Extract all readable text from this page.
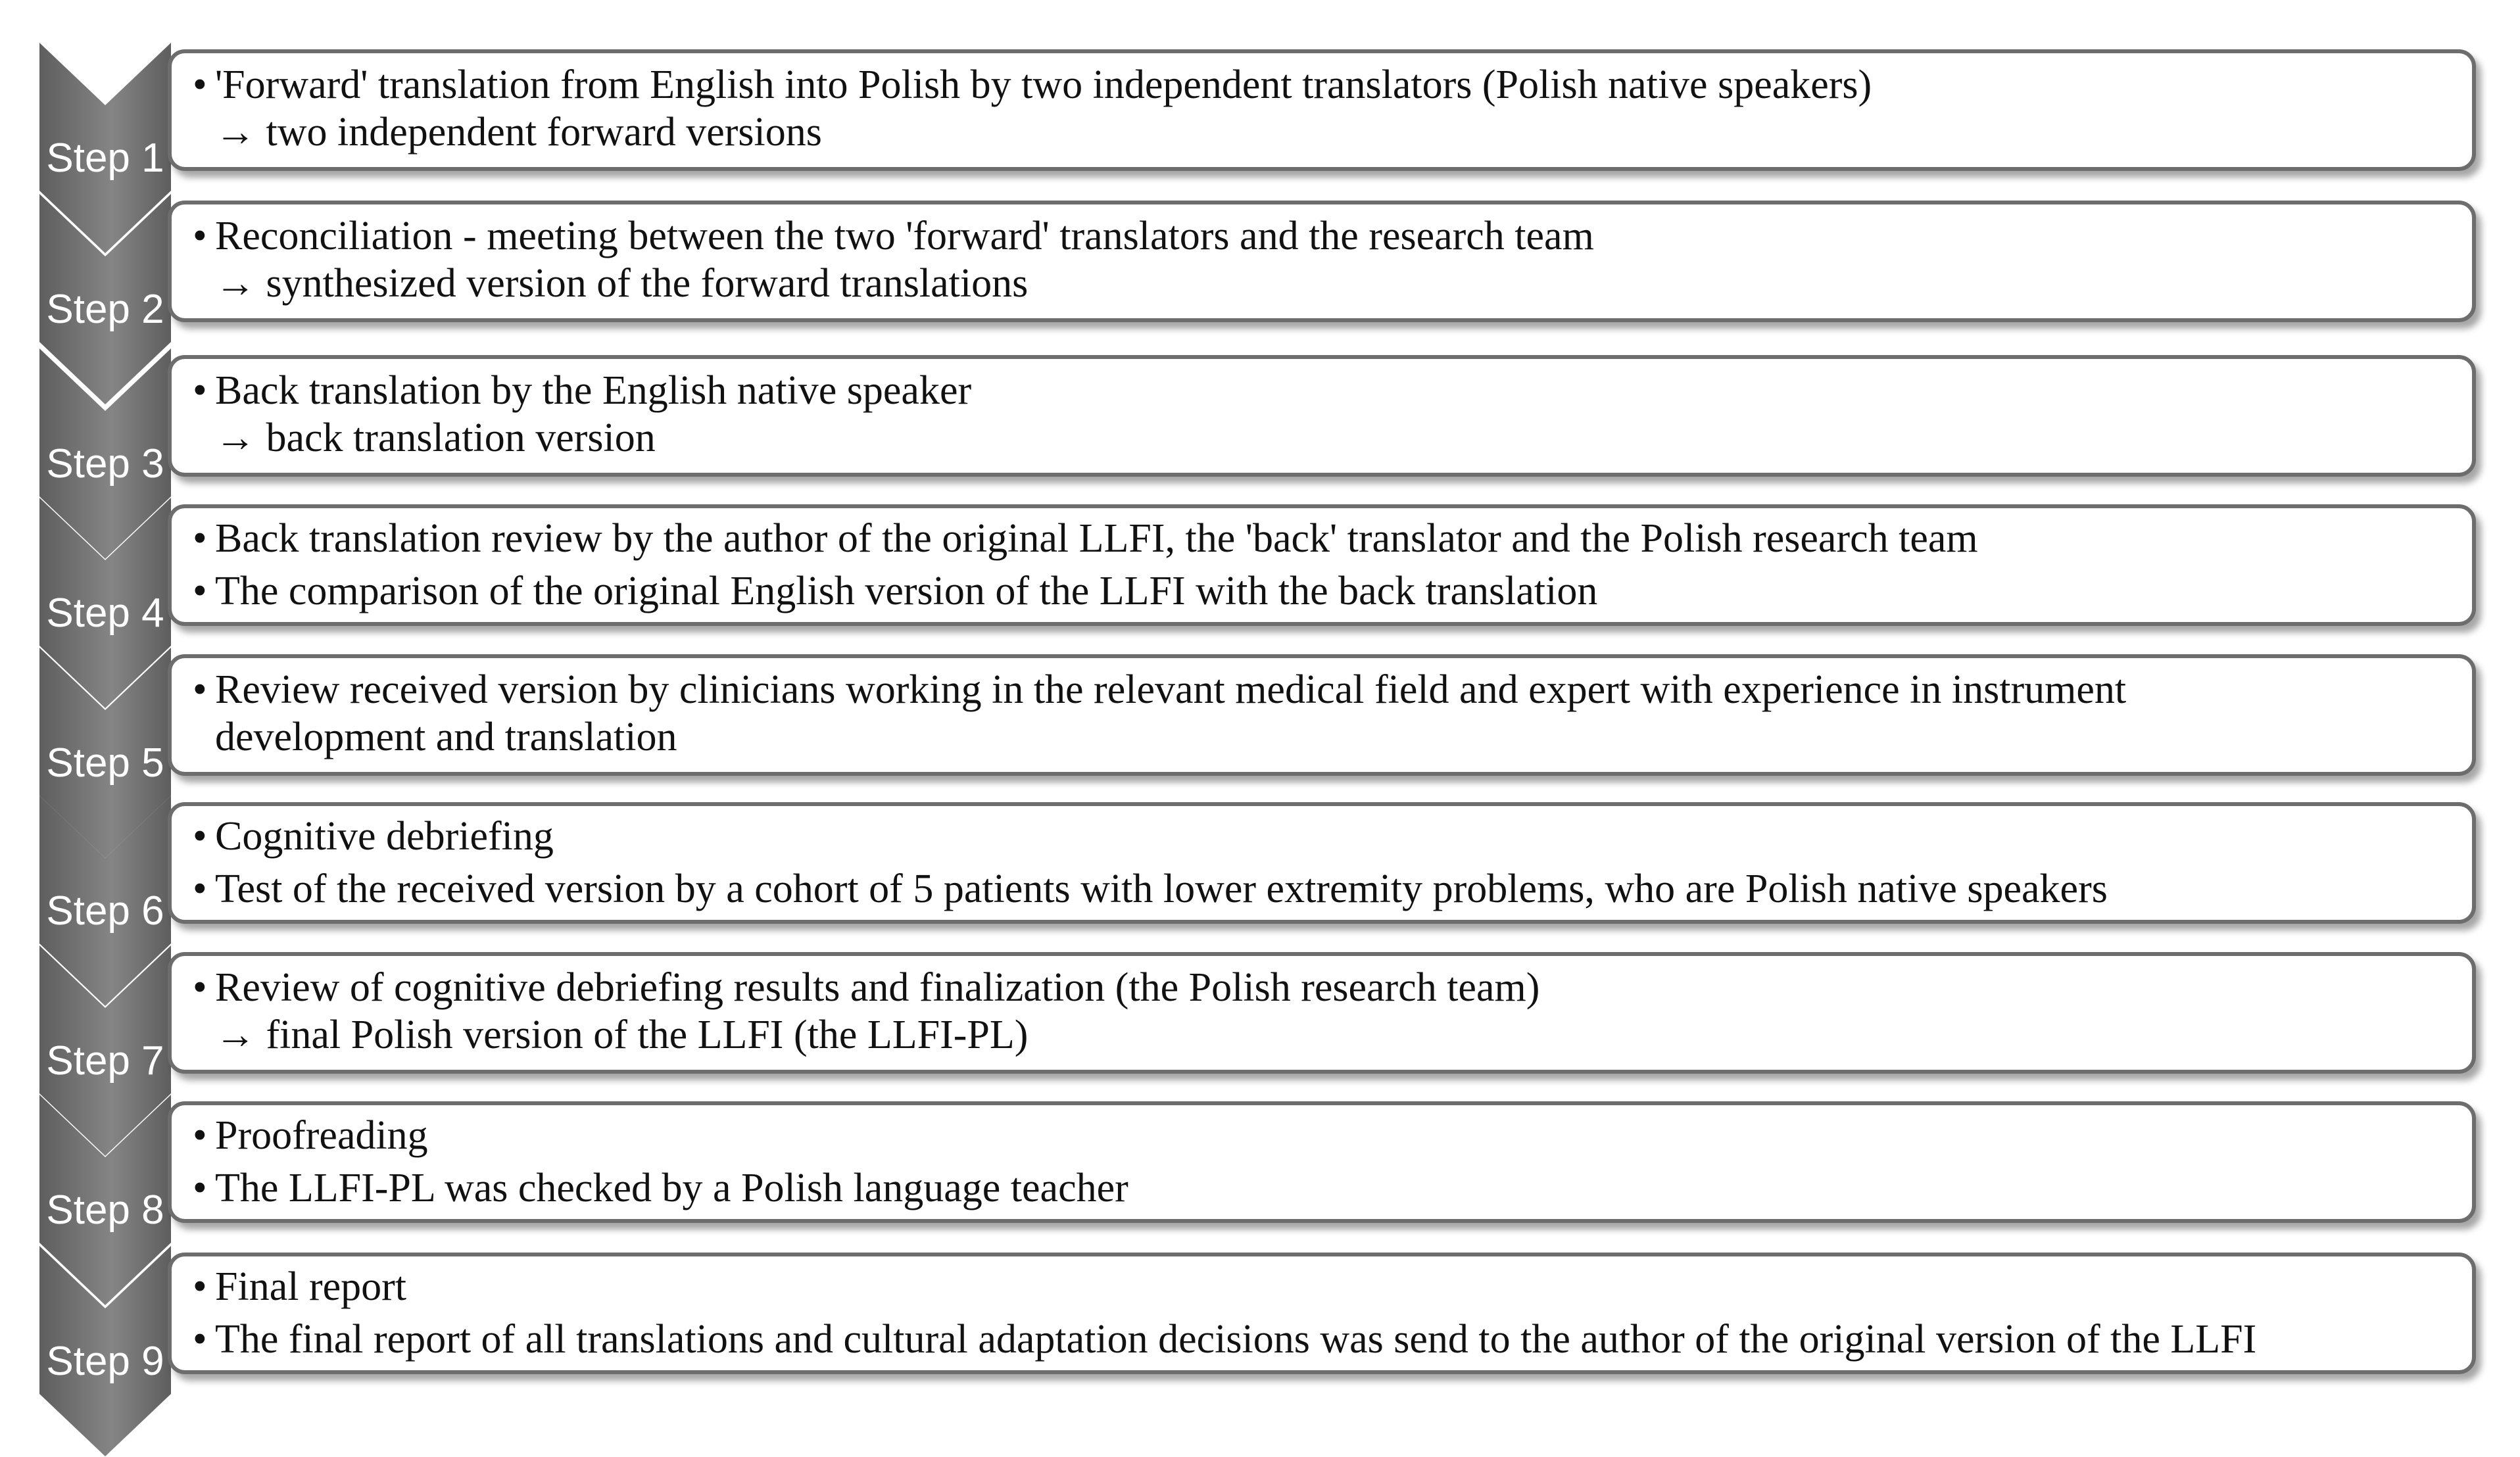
Step 1
• 'Forward' translation from English into Polish by two independent translators (Polish native speakers)
→ two independent forward versions
Step 2
• Reconciliation - meeting between the two 'forward' translators and the research team
→ synthesized version of the forward translations
Step 3
• Back translation by the English native speaker
→ back translation version
Step 4
• Back translation review by the author of the original LLFI, the 'back' translator and the Polish research team
• The comparison of the original English version of the LLFI with the back translation
Step 5
• Review received version by clinicians working in the relevant medical field and expert with experience in instrument
development and translation
Step 6
• Cognitive debriefing
• Test of the received version by a cohort of 5 patients with lower extremity problems, who are Polish native speakers
Step 7
• Review of cognitive debriefing results and finalization (the Polish research team)
→ final Polish version of the LLFI (the LLFI-PL)
Step 8
• Proofreading
• The LLFI-PL was checked by a Polish language teacher
Step 9
• Final report
• The final report of all translations and cultural adaptation decisions was send to the author of the original version of the LLFI
